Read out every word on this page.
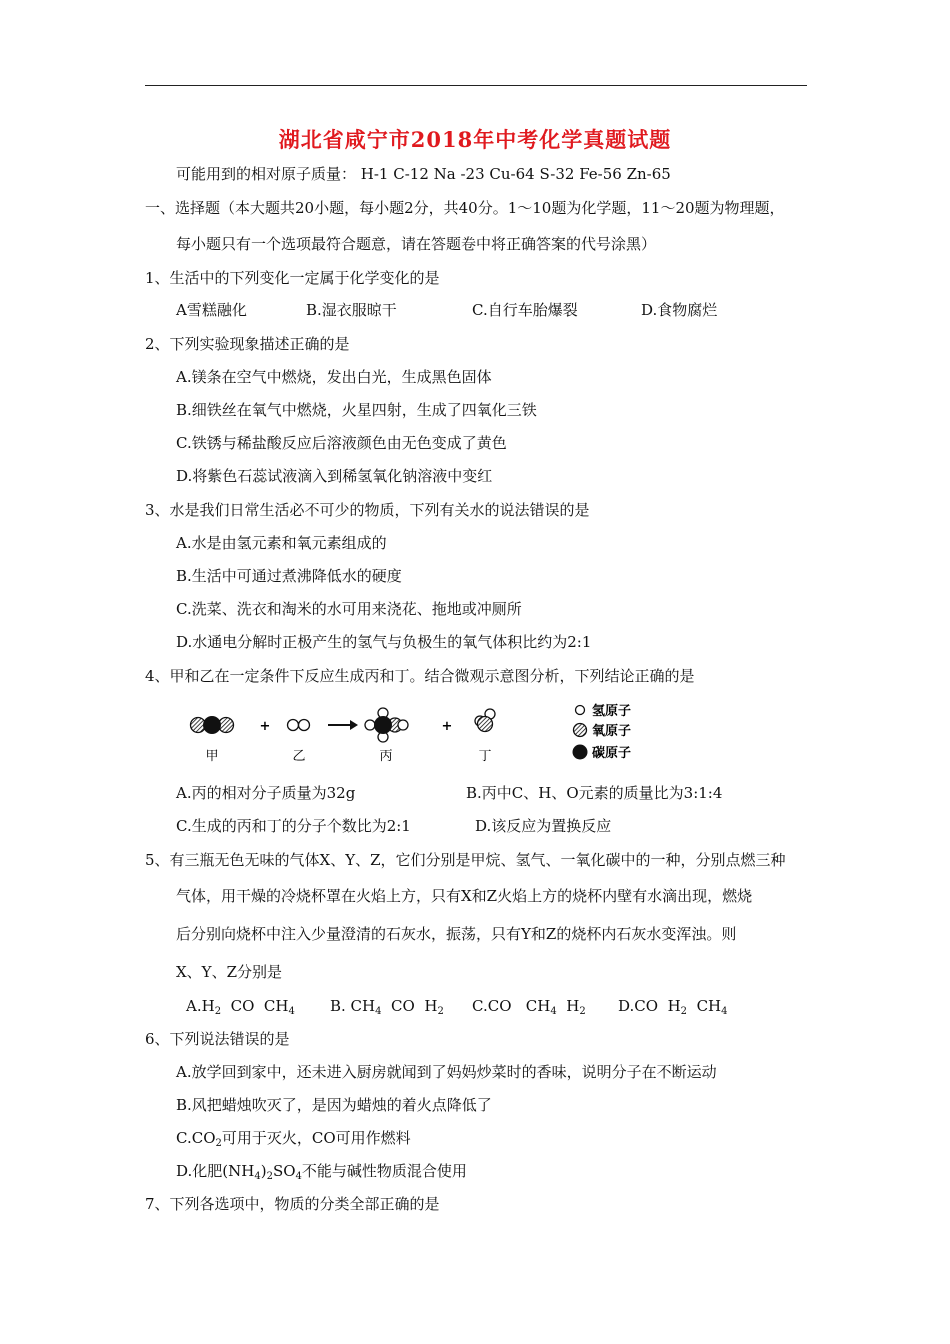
湖北省咸宁市2018年中考化学真题试题
可能用到的相对原子质量： H-1 C-12 Na -23 Cu-64 S-32 Fe-56 Zn-65
一、选择题（本大题共20小题，每小题2分，共40分。1～10题为化学题，11～20题为物理题，
每小题只有一个选项最符合题意，请在答题卷中将正确答案的代号涂黑）
1、生活中的下列变化一定属于化学变化的是
A雪糕融化	B.湿衣服晾干	C.自行车胎爆裂	D.食物腐烂
2、下列实验现象描述正确的是
A.镁条在空气中燃烧，发出白光，生成黑色固体
B.细铁丝在氧气中燃烧，火星四射，生成了四氧化三铁
C.铁锈与稀盐酸反应后溶液颜色由无色变成了黄色
D.将紫色石蕊试液滴入到稀氢氧化钠溶液中变红
3、水是我们日常生活必不可少的物质，下列有关水的说法错误的是
A.水是由氢元素和氧元素组成的
B.生活中可通过煮沸降低水的硬度
C.洗菜、洗衣和淘米的水可用来浇花、拖地或冲厕所
D.水通电分解时正极产生的氢气与负极生的氧气体积比约为2:1
4、甲和乙在一定条件下反应生成丙和丁。结合微观示意图分析，下列结论正确的是
+	+
甲	乙	丙	丁
氢原子
氧原子
碳原子
A.丙的相对分子质量为32g	B.丙中C、H、O元素的质量比为3:1:4
C.生成的丙和丁的分子个数比为2:1	D.该反应为置换反应
5、有三瓶无色无味的气体X、Y、Z，它们分别是甲烷、氢气、一氧化碳中的一种，分别点燃三种
气体，用干燥的冷烧杯罩在火焰上方，只有X和Z火焰上方的烧杯内壁有水滴出现，燃烧
后分别向烧杯中注入少量澄清的石灰水，振荡，只有Y和Z的烧杯内石灰水变浑浊。则
X、Y、Z分别是
$A.H_2$  CO  $CH_4$ B. $CH_4$  CO  $H_2$ C.CO   $CH_4$  $H_2$ D.CO  $H_2$  $CH_4$
6、下列说法错误的是
A.放学回到家中，还未进入厨房就闻到了妈妈炒菜时的香味，说明分子在不断运动
B.风把蜡烛吹灭了，是因为蜡烛的着火点降低了
$C.CO_2$可用于灭火，CO可用作燃料
D.化肥$(NH_4)_2SO_4$不能与碱性物质混合使用
7、下列各选项中，物质的分类全部正确的是
